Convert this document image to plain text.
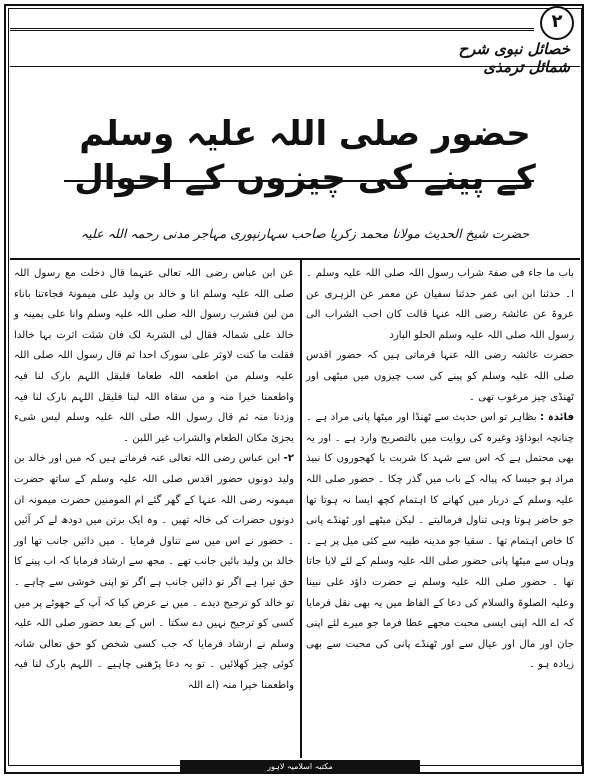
٢
خصائل نبوی شرح شمائل ترمذی
حضور صلی اللہ علیہ وسلم کے پینے کی چیزوں کے احوال
حضرت شیخ الحدیث مولانا محمد زکریا صاحب سہارنپوری مہاجر مدنی رحمہ اللہ علیہ

باب ما جاء فی صفۃ شراب رسول اللہ صلی اللہ علیہ وسلم ۔ ا۔ حدثنا ابن ابی عمر حدثنا سفیان عن معمر عن الزہری عن عروۃ عن عائشۃ رضی اللہ عنہا قالت کان احب الشراب الی رسول اللہ صلی اللہ علیہ وسلم الحلو البارد

حضرت عائشہ رضی اللہ عنہا فرماتی ہیں کہ حضور اقدس صلی اللہ علیہ وسلم کو پینے کی سب چیزوں میں میٹھی اور ٹھنڈی چیز مرغوب تھی ۔

فائدہ : بظاہر تو اس حدیث سے ٹھنڈا اور میٹھا پانی مراد ہے ۔ چنانچہ ابوداؤد وغیرہ کی روایت میں بالتصریح وارد ہے ۔ اور یہ بھی محتمل ہے کہ اس سے شہد کا شربت یا کھجوروں کا نبیذ مراد ہو جیسا کہ پیالہ کے باب میں گذر چکا ۔ حضور صلی اللہ علیہ وسلم کے دربار میں کھانے کا اہتمام کچھ ایسا نہ ہوتا تھا جو حاضر ہوتا وہی تناول فرمالیتے ۔ لیکن میٹھے اور ٹھنڈے پانی کا خاص اہتمام تھا ۔ سقیا جو مدینہ طیبہ سے کئی میل پر ہے ۔ وہاں سے میٹھا پانی حضور صلی اللہ علیہ وسلم کے لئے لایا جاتا تھا ۔ حضور صلی اللہ علیہ وسلم نے حضرت داؤد علی نبینا وعلیہ الصلوۃ والسلام کی دعا کے الفاظ میں یہ بھی نقل فرمایا کہ اے اللہ اپنی ایسی محبت مجھے عطا فرما جو میرے لئے اپنی جان اور مال اور عیال سے اور ٹھنڈے پانی کی محبت سے بھی زیادہ ہو ۔

عن ابن عباس رضی اللہ تعالی عنہما قال دخلت مع رسول اللہ صلی اللہ علیہ وسلم انا و خالد بن ولید علی میمونۃ فجاءتنا باناء من لبن فشرب رسول اللہ صلی اللہ علیہ وسلم وانا علی یمینہ و خالد علی شمالہ فقال لی الشربۃ لک فان شئت اثرت بہا خالدا فقلت ما کنت لاوثر علی سورک احدا ثم قال رسول اللہ صلی اللہ علیہ وسلم من اطعمہ اللہ طعاما فلیقل اللہم بارک لنا فیہ واطعمنا خیرا منہ و من سقاہ اللہ لبنا فلیقل اللہم بارک لنا فیہ وزدنا منہ ثم قال رسول اللہ صلی اللہ علیہ وسلم لیس شیء یجزئ مکان الطعام والشراب غیر اللبن ۔

٢- ابن عباس رضی اللہ تعالی عنہ فرماتے ہیں کہ میں اور خالد بن ولید دونوں حضور اقدس صلی اللہ علیہ وسلم کے ساتھ حضرت میمونہ رضی اللہ عنہا کے گھر گئے ام المومنین حضرت میمونہ ان دونوں حضرات کی خالہ تھیں ۔ وہ ایک برتن میں دودھ لے کر آئیں ۔ حضور نے اس میں سے تناول فرمایا ۔ میں دائیں جانب تھا اور خالد بن ولید بائیں جانب تھے ۔ مجھ سے ارشاد فرمایا کہ اب پینے کا حق تیرا ہے اگر تو دائیں جانب ہے اگر تو اپنی خوشی سے چاہے ۔ تو خالد کو ترجیح دیدے ۔ میں نے عرض کیا کہ آپ کے جھوٹے پر میں کسی کو ترجیح نہیں دے سکتا ۔ اس کے بعد حضور صلی اللہ علیہ وسلم نے ارشاد فرمایا کہ جب کسی شخص کو حق تعالی شانہ کوئی چیز کھلائیں ۔ تو یہ دعا پڑھنی چاہیے ۔ اللہم بارک لنا فیہ واطعمنا خیرا منہ (اے اللہ

مکتبہ اسلامیہ لاہور
